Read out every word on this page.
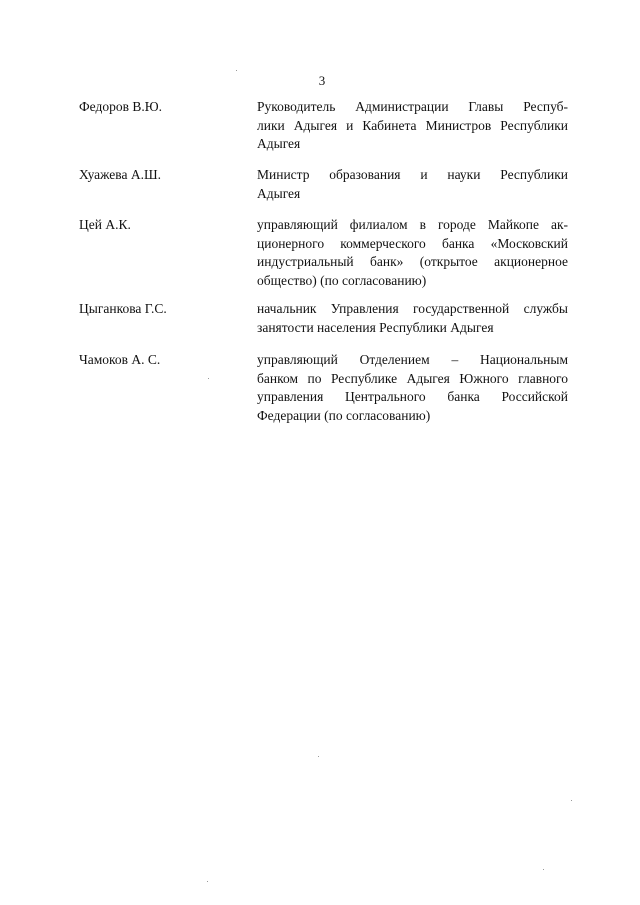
3
Федоров В.Ю.	Руководитель Администрации Главы Респуб-
лики Адыгея и Кабинета Министров Республики
Адыгея
Хуажева А.Ш.	Министр образования и науки Республики
Адыгея
Цей А.К.	управляющий филиалом в городе Майкопе ак-
ционерного коммерческого банка «Московский
индустриальный банк» (открытое акционерное
общество) (по согласованию)
Цыганкова Г.С.	начальник Управления государственной службы
занятости населения Республики Адыгея
Чамоков А. С.	управляющий Отделением – Национальным
банком по Республике Адыгея Южного главного
управления Центрального банка Российской
Федерации (по согласованию)
